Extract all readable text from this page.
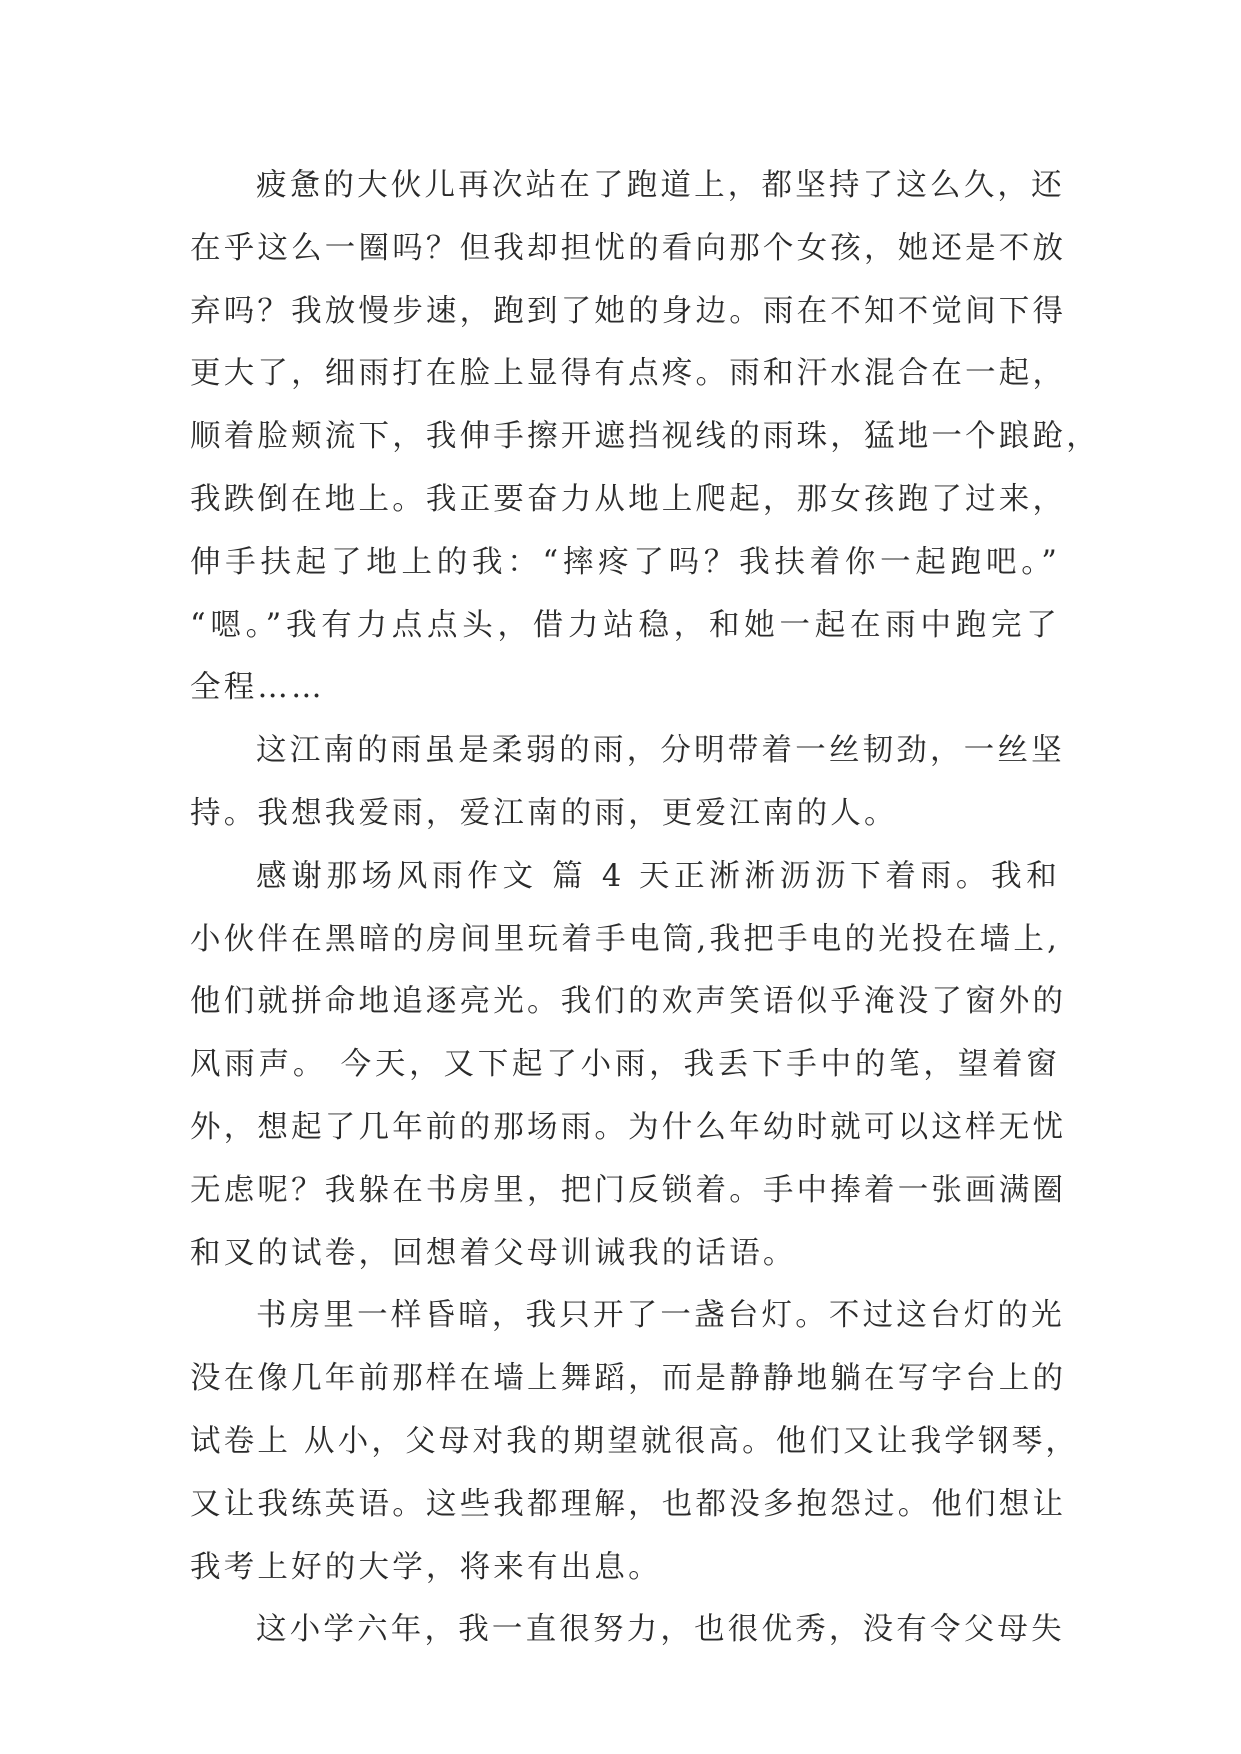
疲惫的大伙儿再次站在了跑道上，都坚持了这么久，还
在乎这么一圈吗？但我却担忧的看向那个女孩，她还是不放
弃吗？我放慢步速，跑到了她的身边。雨在不知不觉间下得
更大了，细雨打在脸上显得有点疼。雨和汗水混合在一起，
顺着脸颊流下，我伸手擦开遮挡视线的雨珠，猛地一个踉跄，
我跌倒在地上。我正要奋力从地上爬起，那女孩跑了过来，
伸手扶起了地上的我：“摔疼了吗？我扶着你一起跑吧。”
“嗯。”我有力点点头，借力站稳，和她一起在雨中跑完了
全程……
这江南的雨虽是柔弱的雨，分明带着一丝韧劲，一丝坚
持。我想我爱雨，爱江南的雨，更爱江南的人。
感谢那场风雨作文 篇 4 天正淅淅沥沥下着雨。我和
小伙伴在黑暗的房间里玩着手电筒,我把手电的光投在墙上,
他们就拼命地追逐亮光。我们的欢声笑语似乎淹没了窗外的
风雨声。 今天，又下起了小雨，我丢下手中的笔，望着窗
外，想起了几年前的那场雨。为什么年幼时就可以这样无忧
无虑呢？我躲在书房里，把门反锁着。手中捧着一张画满圈
和叉的试卷，回想着父母训诫我的话语。
书房里一样昏暗，我只开了一盏台灯。不过这台灯的光
没在像几年前那样在墙上舞蹈，而是静静地躺在写字台上的
试卷上 从小，父母对我的期望就很高。他们又让我学钢琴，
又让我练英语。这些我都理解，也都没多抱怨过。他们想让
我考上好的大学，将来有出息。
这小学六年，我一直很努力，也很优秀，没有令父母失
